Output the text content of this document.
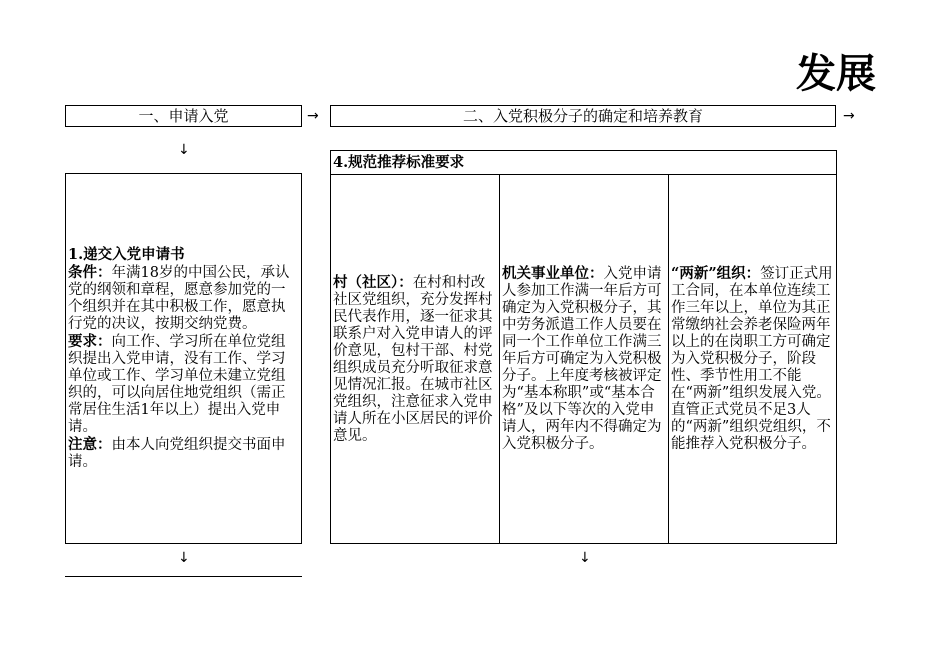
发展
一、申请入党	→	二、入党积极分子的确定和培养教育	→
↓
1.递交入党申请书
条件：年满18岁的中国公民，承认党的纲领和章程，愿意参加党的一个组织并在其中积极工作，愿意执行党的决议，按期交纳党费。
要求：向工作、学习所在单位党组织提出入党申请，没有工作、学习单位或工作、学习单位未建立党组织的，可以向居住地党组织（需正常居住生活1年以上）提出入党申请。
注意：由本人向党组织提交书面申请。
4.规范推荐标准要求
村（社区）：在村和村改社区党组织，充分发挥村民代表作用，逐一征求其联系户对入党申请人的评价意见，包村干部、村党组织成员充分听取征求意见情况汇报。在城市社区党组织，注意征求入党申请人所在小区居民的评价意见。
机关事业单位：入党申请人参加工作满一年后方可确定为入党积极分子，其中劳务派遣工作人员要在同一个工作单位工作满三年后方可确定为入党积极分子。上年度考核被评定为“基本称职”或“基本合格”及以下等次的入党申请人，两年内不得确定为入党积极分子。
“两新”组织：签订正式用工合同，在本单位连续工作三年以上，单位为其正常缴纳社会养老保险两年以上的在岗职工方可确定为入党积极分子，阶段性、季节性用工不能在“两新”组织发展入党。直管正式党员不足3人的“两新”组织党组织，不能推荐入党积极分子。
↓	↓
